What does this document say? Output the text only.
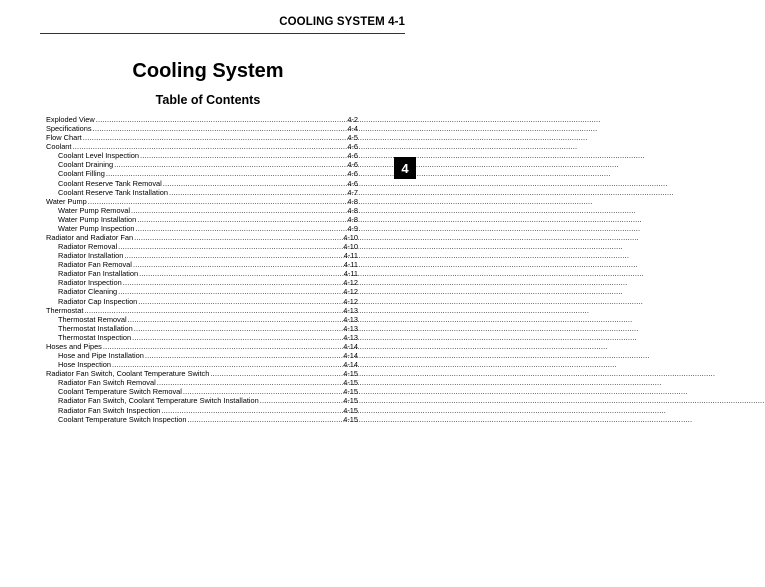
COOLING SYSTEM 4-1
Cooling System
Table of Contents
Exploded View .....	4-2
Specifications .....	4-4
Flow Chart .....	4-5
Coolant .....	4-6
Coolant Level Inspection .....	4-6
Coolant Draining .....	4-6
Coolant Filling .....	4-6
Coolant Reserve Tank Removal .....	4-6
Coolant Reserve Tank Installation .....	4-7
Water Pump .....	4-8
Water Pump Removal .....	4-8
Water Pump Installation .....	4-8
Water Pump Inspection .....	4-9
Radiator and Radiator Fan .....	4-10
Radiator Removal .....	4-10
Radiator Installation .....	4-11
Radiator Fan Removal .....	4-11
Radiator Fan Installation .....	4-11
Radiator Inspection .....	4-12
Radiator Cleaning .....	4-12
Radiator Cap Inspection .....	4-12
Thermostat .....	4-13
Thermostat Removal .....	4-13
Thermostat Installation .....	4-13
Thermostat Inspection .....	4-13
Hoses and Pipes .....	4-14
Hose and Pipe Installation .....	4-14
Hose Inspection .....	4-14
Radiator Fan Switch, Coolant Temperature Switch .....	4-15
Radiator Fan Switch Removal .....	4-15
Coolant Temperature Switch Removal .....	4-15
Radiator Fan Switch, Coolant Temperature Switch Installation .....	4-15
Radiator Fan Switch Inspection .....	4-15
Coolant Temperature Switch Inspection .....	4-15
4
